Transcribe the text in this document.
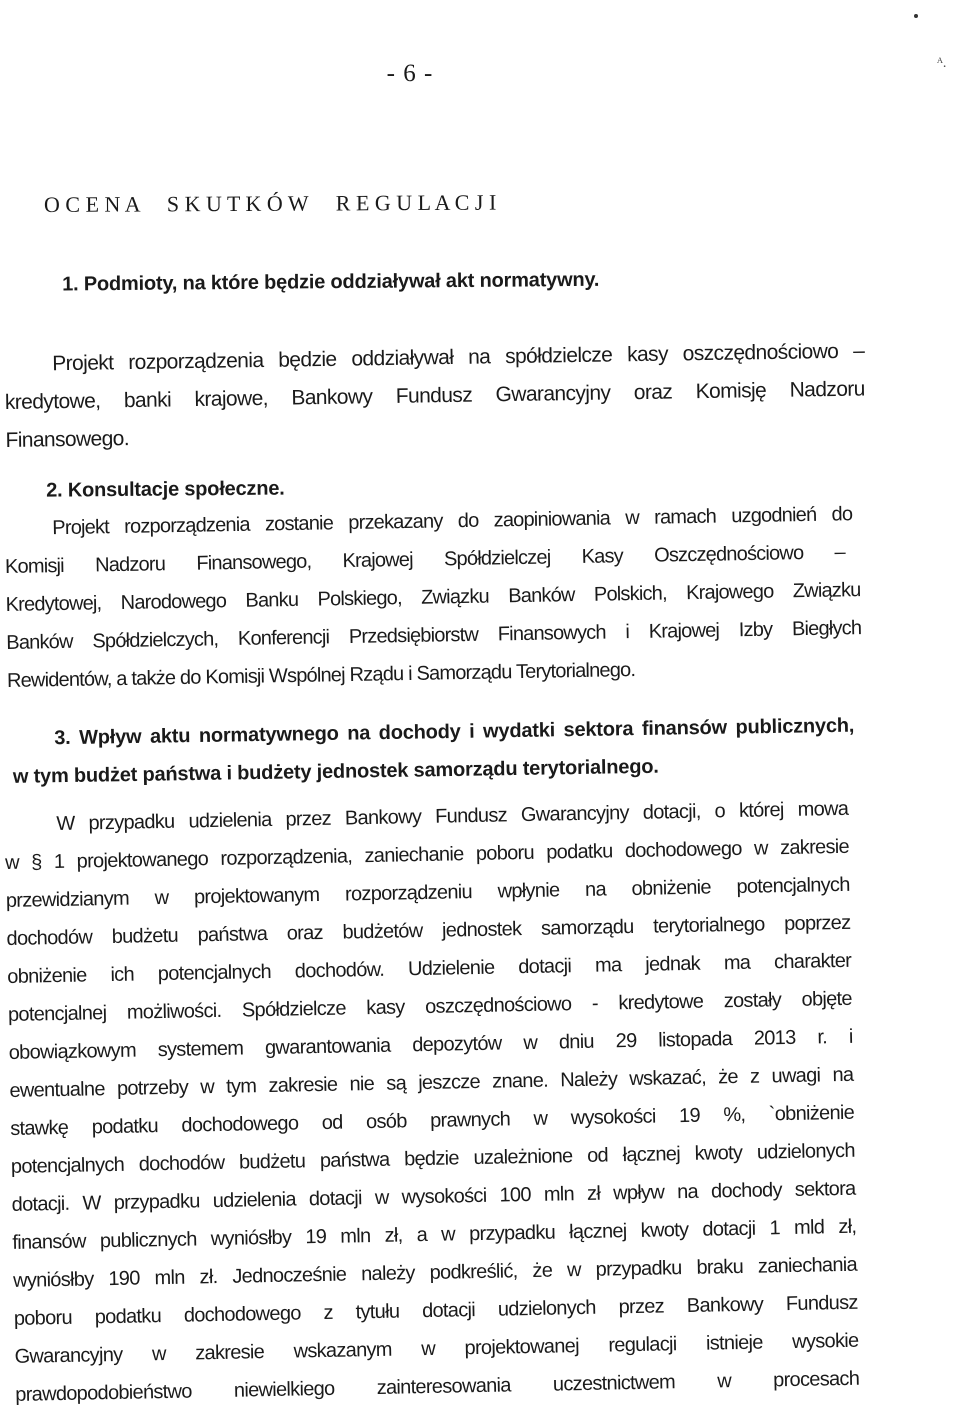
ᴬ.
- 6 -
O C E N A     S K U T K Ó W     R E G U L A C J I
1. Podmioty, na które będzie oddziaływał akt normatywny.
Projekt rozporządzenia będzie oddziaływał na spółdzielcze kasy oszczędnościowo –
kredytowe, banki krajowe, Bankowy Fundusz Gwarancyjny oraz Komisję Nadzoru
Finansowego.
2. Konsultacje społeczne.
Projekt rozporządzenia zostanie przekazany do zaopiniowania w ramach uzgodnień do
Komisji Nadzoru Finansowego, Krajowej Spółdzielczej Kasy Oszczędnościowo –
Kredytowej, Narodowego Banku Polskiego, Związku Banków Polskich, Krajowego Związku
Banków Spółdzielczych, Konferencji Przedsiębiorstw Finansowych i Krajowej Izby Biegłych
Rewidentów, a także do Komisji Wspólnej Rządu i Samorządu Terytorialnego.
3. Wpływ aktu normatywnego na dochody i wydatki sektora finansów publicznych,
w tym budżet państwa i budżety jednostek samorządu terytorialnego.
W przypadku udzielenia przez Bankowy Fundusz Gwarancyjny dotacji, o której mowa
w § 1 projektowanego rozporządzenia, zaniechanie poboru podatku dochodowego w zakresie
przewidzianym w projektowanym rozporządzeniu wpłynie na obniżenie potencjalnych
dochodów budżetu państwa oraz budżetów jednostek samorządu terytorialnego poprzez
obniżenie ich potencjalnych dochodów. Udzielenie dotacji ma jednak ma charakter
potencjalnej możliwości. Spółdzielcze kasy oszczędnościowo - kredytowe zostały objęte
obowiązkowym systemem gwarantowania depozytów w dniu 29 listopada 2013 r. i
ewentualne potrzeby w tym zakresie nie są jeszcze znane. Należy wskazać, że z uwagi na
stawkę podatku dochodowego od osób prawnych w wysokości 19 %, `obniżenie
potencjalnych dochodów budżetu państwa będzie uzależnione od łącznej kwoty udzielonych
dotacji. W przypadku udzielenia dotacji w wysokości 100 mln zł wpływ na dochody sektora
finansów publicznych wyniósłby 19 mln zł, a w przypadku łącznej kwoty dotacji 1 mld zł,
wyniósłby 190 mln zł. Jednocześnie należy podkreślić, że w przypadku braku zaniechania
poboru podatku dochodowego z tytułu dotacji udzielonych przez Bankowy Fundusz
Gwarancyjny w zakresie wskazanym w projektowanej regulacji istnieje wysokie
prawdopodobieństwo niewielkiego zainteresowania uczestnictwem w procesach
